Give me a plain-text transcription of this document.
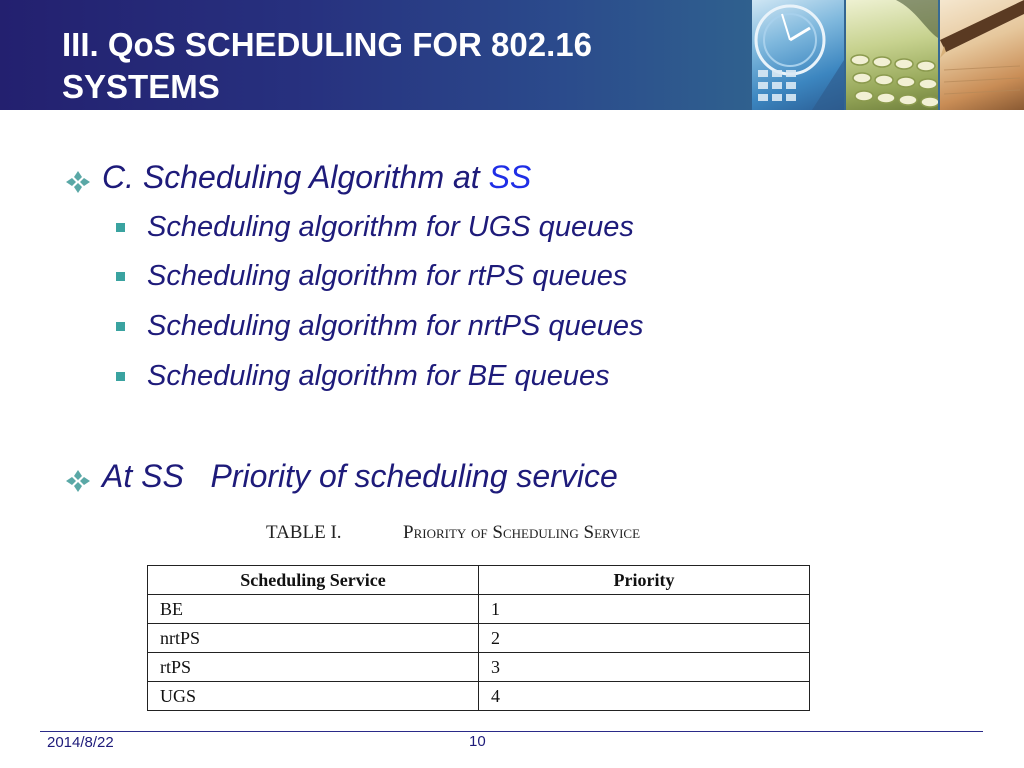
III. QoS SCHEDULING FOR 802.16 SYSTEMS
C. Scheduling Algorithm at SS
Scheduling algorithm for UGS queues
Scheduling algorithm for rtPS queues
Scheduling algorithm for nrtPS queues
Scheduling algorithm for BE queues
At SS   Priority of scheduling service
TABLE I.	Priority of Scheduling Service
Scheduling Service	Priority
BE	1
nrtPS	2
rtPS	3
UGS	4
2014/8/22	10
